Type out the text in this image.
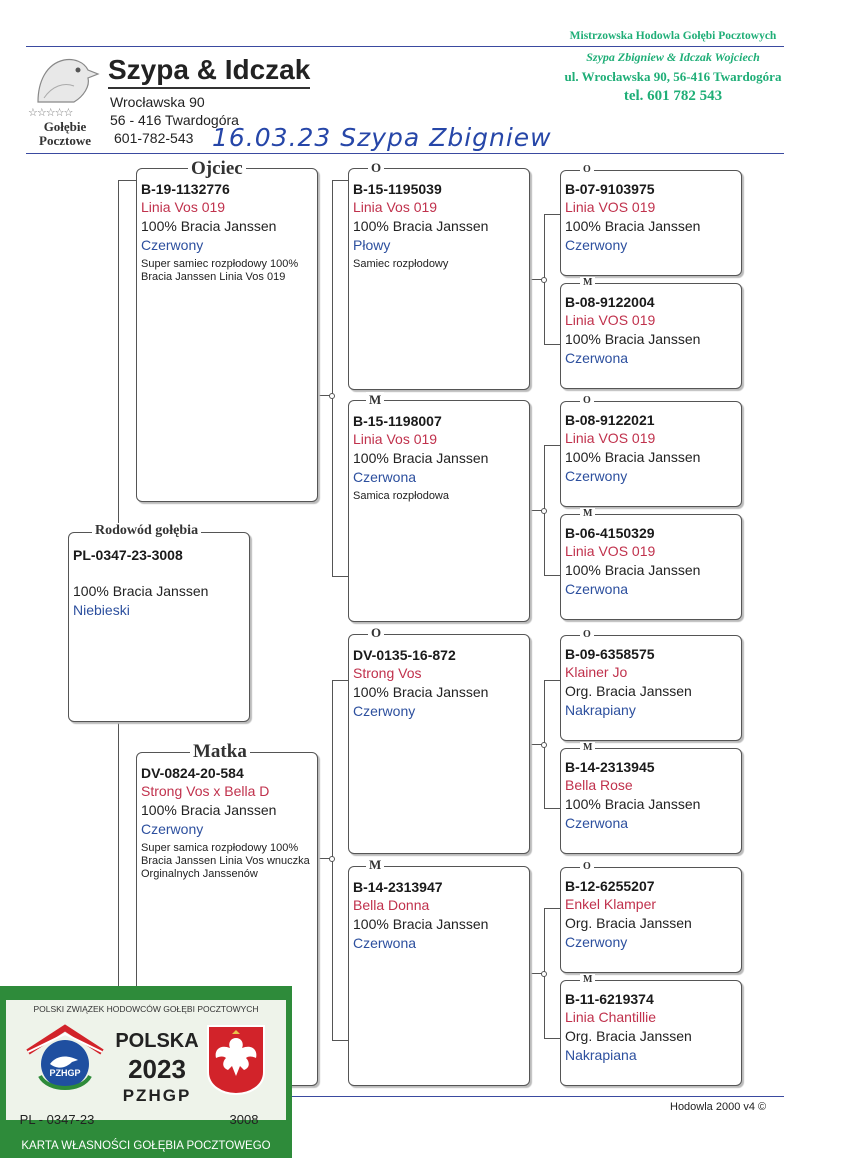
☆☆☆☆☆
Gołębie Pocztowe
Szypa & Idczak
Wrocławska 90
56 - 416 Twardogóra
601-782-543 16.03.23 Szypa Zbigniew
Mistrzowska Hodowla Gołębi Pocztowych
Szypa Zbigniew & Idczak Wojciech
ul. Wrocławska 90, 56-416 Twardogóra
tel. 601 782 543
PL-0347-23-3008
100% Bracia Janssen
Niebieski
Rodowód gołębia
B-19-1132776
Linia Vos 019
100% Bracia Janssen
Czerwony
Super samiec rozpłodowy 100% Bracia Janssen Linia Vos 019
Ojciec
DV-0824-20-584
Strong Vos x Bella D
100% Bracia Janssen
Czerwony
Super samica rozpłodowy 100% Bracia Janssen Linia Vos wnuczka Orginalnych Janssenów
Matka
B-15-1195039
Linia Vos 019
100% Bracia Janssen
Płowy
Samiec rozpłodowy
O
B-15-1198007
Linia Vos 019
100% Bracia Janssen
Czerwona
Samica rozpłodowa
M
DV-0135-16-872
Strong Vos
100% Bracia Janssen
Czerwony
O
B-14-2313947
Bella Donna
100% Bracia Janssen
Czerwona
M
B-07-9103975
Linia VOS 019
100% Bracia Janssen
Czerwony
O
B-08-9122004
Linia VOS 019
100% Bracia Janssen
Czerwona
M
B-08-9122021
Linia VOS 019
100% Bracia Janssen
Czerwony
O
B-06-4150329
Linia VOS 019
100% Bracia Janssen
Czerwona
M
B-09-6358575
Klainer Jo
Org. Bracia Janssen
Nakrapiany
O
B-14-2313945
Bella Rose
100% Bracia Janssen
Czerwona
M
B-12-6255207
Enkel Klamper
Org. Bracia Janssen
Czerwony
O
B-11-6219374
Linia Chantillie
Org. Bracia Janssen
Nakrapiana
M
Hodowla 2000 v4 ©
POLSKI ZWIĄZEK HODOWCÓW GOŁĘBI POCZTOWYCH
PZHGP
POLSKA
2023
PZHGP
PL - 0347-23	3008
KARTA WŁASNOŚCI GOŁĘBIA POCZTOWEGO
